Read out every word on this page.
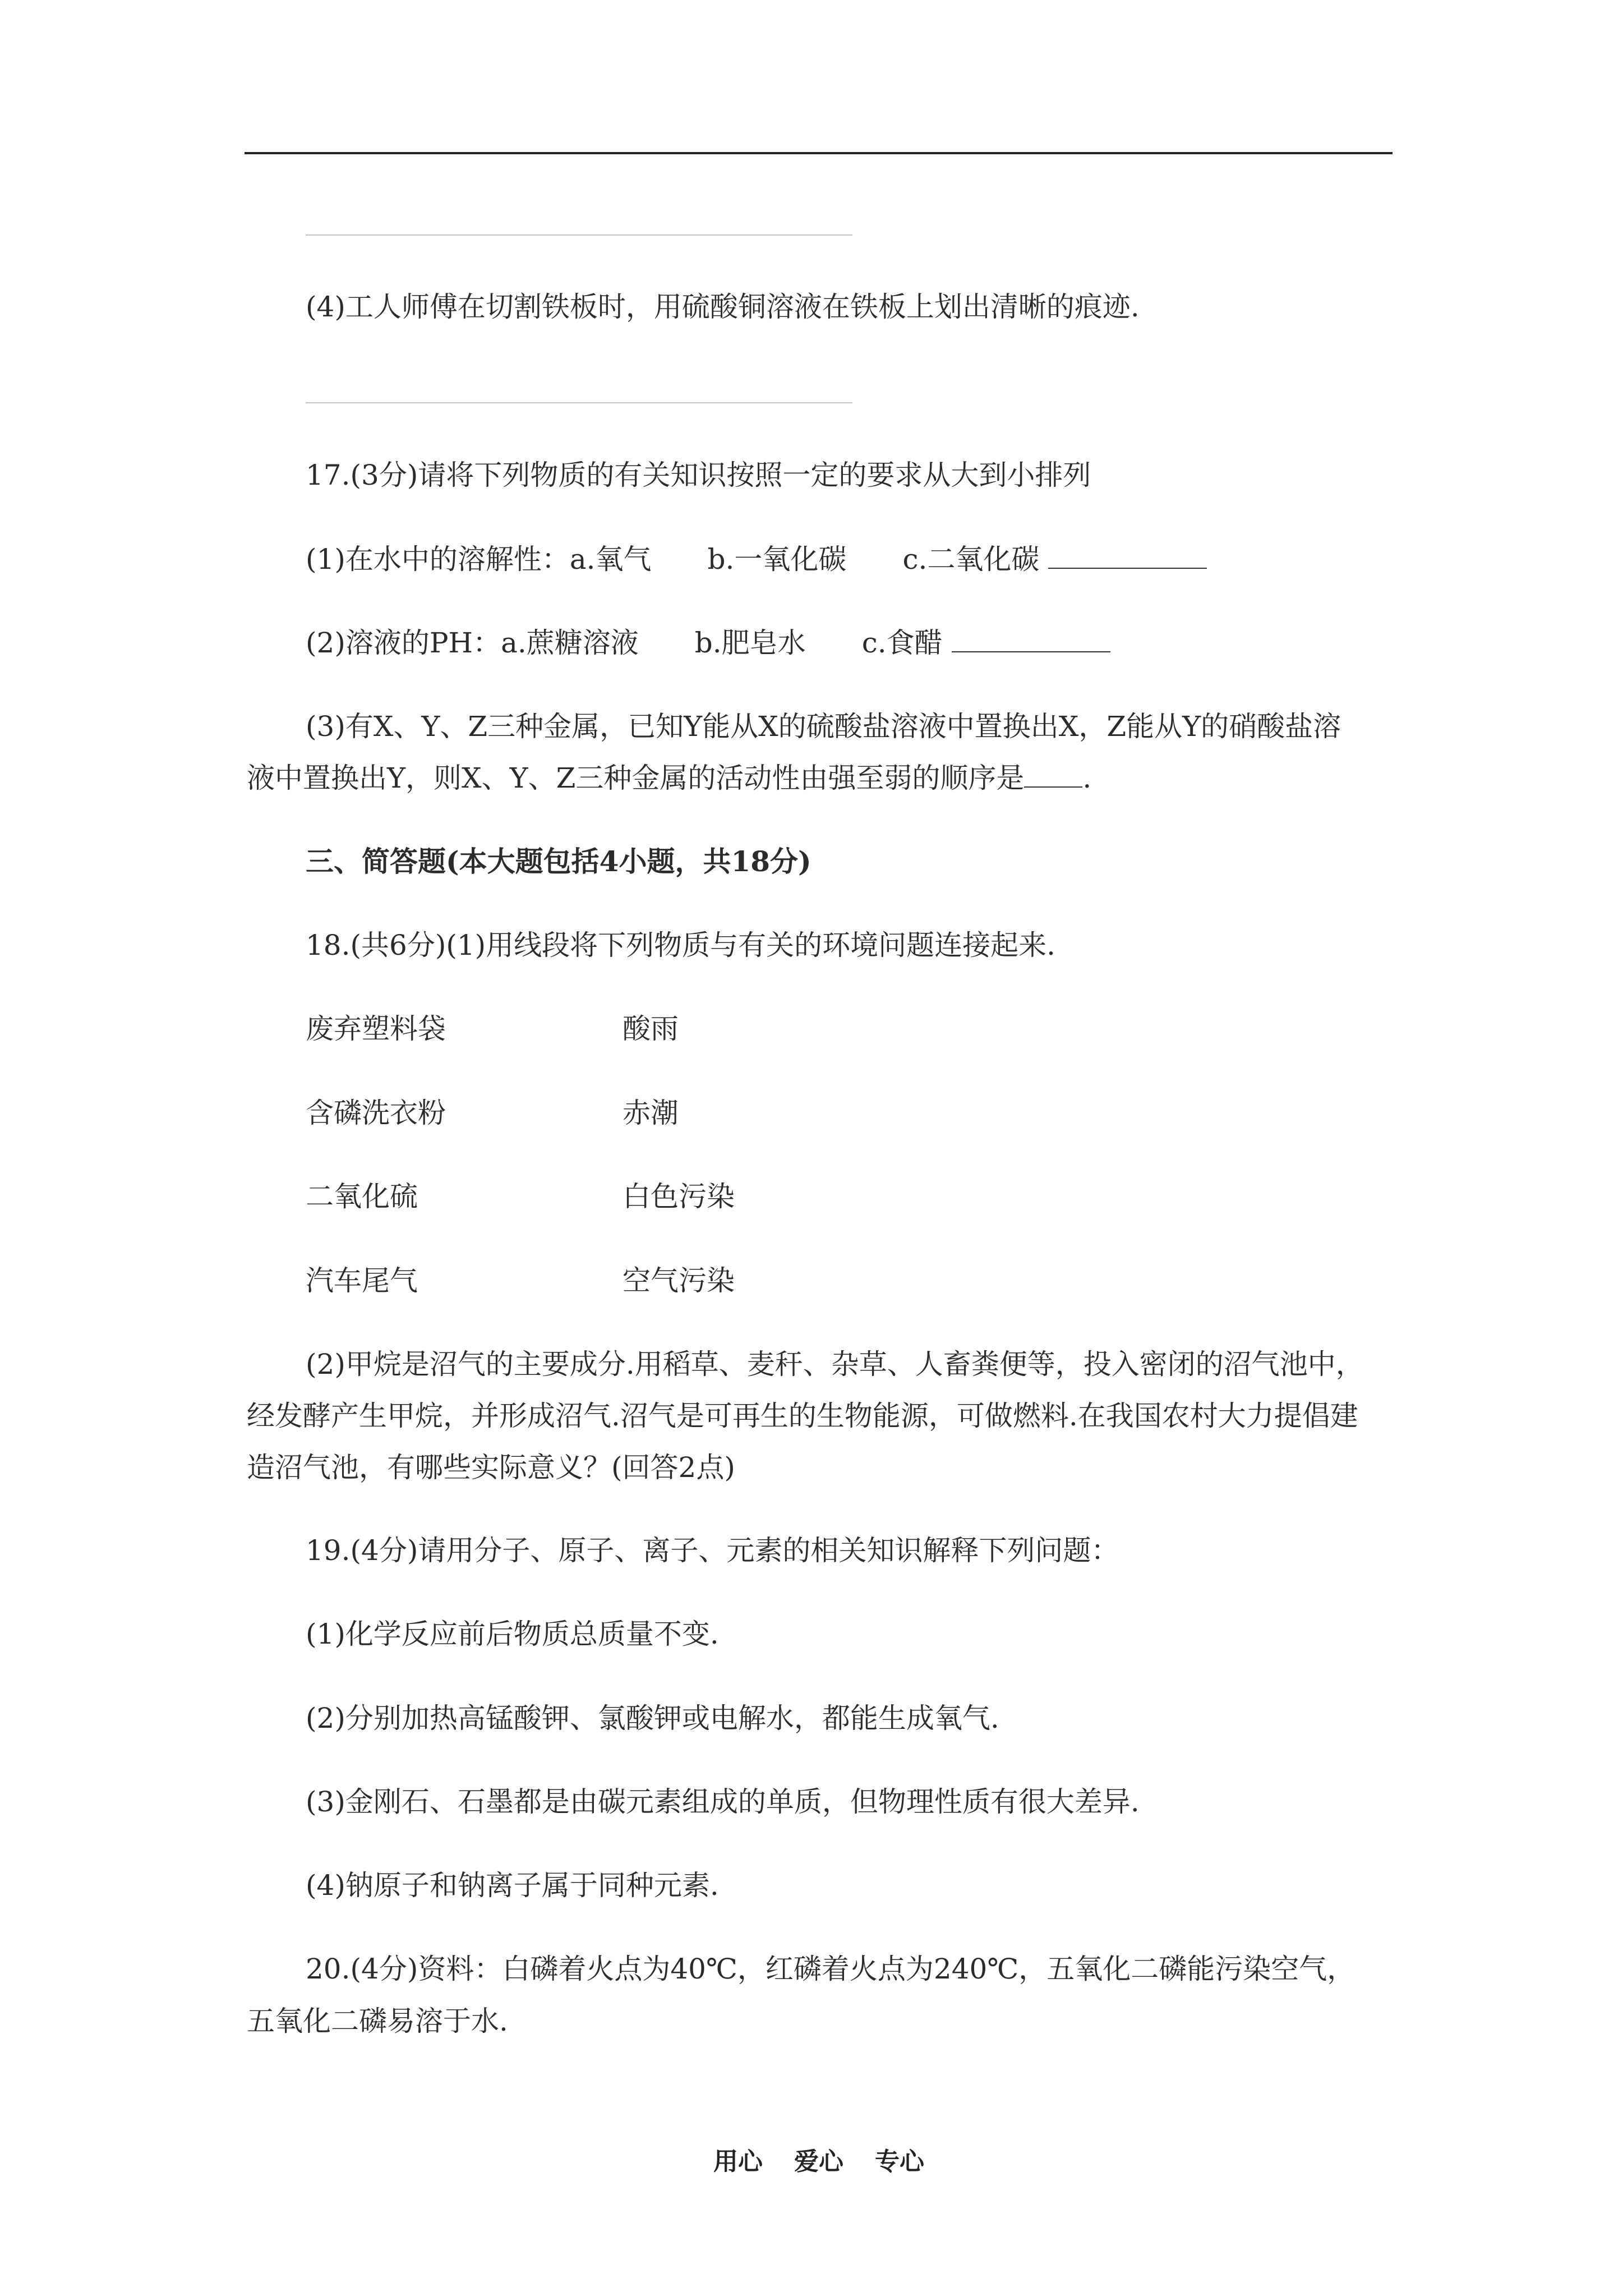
(4)工人师傅在切割铁板时，用硫酸铜溶液在铁板上划出清晰的痕迹.
17.(3分)请将下列物质的有关知识按照一定的要求从大到小排列
(1)在水中的溶解性：a.氧气 b.一氧化碳 c.二氧化碳
(2)溶液的PH：a.蔗糖溶液 b.肥皂水 c.食醋
(3)有X、Y、Z三种金属，已知Y能从X的硫酸盐溶液中置换出X，Z能从Y的硝酸盐溶
液中置换出Y，则X、Y、Z三种金属的活动性由强至弱的顺序是 .
三、简答题(本大题包括4小题，共18分)
18.(共6分)(1)用线段将下列物质与有关的环境问题连接起来.
废弃塑料袋	酸雨
含磷洗衣粉	赤潮
二氧化硫	白色污染
汽车尾气	空气污染
(2)甲烷是沼气的主要成分.用稻草、麦秆、杂草、人畜粪便等，投入密闭的沼气池中，
经发酵产生甲烷，并形成沼气.沼气是可再生的生物能源，可做燃料.在我国农村大力提倡建
造沼气池，有哪些实际意义？(回答2点)
19.(4分)请用分子、原子、离子、元素的相关知识解释下列问题：
(1)化学反应前后物质总质量不变.
(2)分别加热高锰酸钾、氯酸钾或电解水，都能生成氧气.
(3)金刚石、石墨都是由碳元素组成的单质，但物理性质有很大差异.
(4)钠原子和钠离子属于同种元素.
20.(4分)资料：白磷着火点为40℃，红磷着火点为240℃，五氧化二磷能污染空气，
五氧化二磷易溶于水.
用心 爱心 专心
